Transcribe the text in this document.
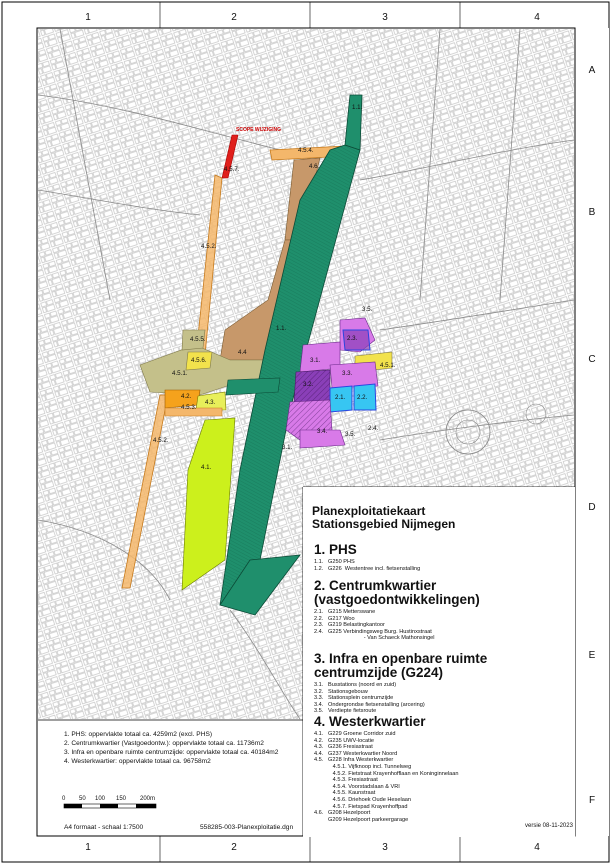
1	2	3	4
1	2	3	4
A
B
C
D
E
F
SCOPE WIJZIGING
1.1.
1.1.
4.5.4.
4.6.
4.5.7.
4.5.2.
4.5.5.
4.4
4.5.6.
4.5.1.
4.2.
4.3.
4.5.3.
4.5.2.
4.1.
3.5.
2.3.
3.1.
3.3.
4.5.1.
3.2.
2.1. 2.2.
3.4.	3.5.
2.4.
3.1.
Planexploitatiekaart
Stationsgebied Nijmegen
1. PHS
1.1. G250 PHS
1.2. G226  Westentree incl. fietsenstalling
2. Centrumkwartier
(vastgoedontwikkelingen)
2.1. G215 Metterswane
2.2. G217 Woo
2.3. G219 Belastingkantoor
2.4. G225 Verbindingsweg Burg. Hustinxstraat
- Van Schaeck Mathonsingel
3. Infra en openbare ruimte
centrumzijde (G224)
3.1. Busstations (noord en zuid)
3.2. Stationsgebouw
3.3. Stationsplein centrumzijde
3.4. Ondergrondse fietsenstalling (arcering)
3.5. Verdiepte fietsroute
4. Westerkwartier
4.1. G229 Groene Corridor zuid
4.2. G235 UWV-locatie
4.3. G236 Fresiastraat
4.4. G237 Westerkwartier Noord
4.5. G228 Infra Westerkwartier
4.5.1. Vijfknoop incl. Tunnelweg
4.5.2. Fietstraat Krayenhofflaan en Koninginnelaan
4.5.3. Fresiastraat
4.5.4. Voorstadslaan & VRI
4.5.5. Kaunstraat
4.5.6. Driehoek Oude Heselaan
4.5.7. Fietspad Krayenhoffpad
4.6. G208 Hezelpoort
G209 Hezelpoort parkeergarage
versie 08-11-2023
1. PHS: oppervlakte totaal ca. 4259m2 (excl. PHS)
2. Centrumkwartier (Vastgoedontw.): oppervlakte totaal ca. 11736m2
3. Infra en openbare ruimte centrumzijde: oppervlakte totaal ca. 40184m2
4. Westerkwartier: oppervlakte totaal ca. 96758m2
0 50 100 150 200m
A4 formaat - schaal 1:7500	558285-003-Planexploitatie.dgn
